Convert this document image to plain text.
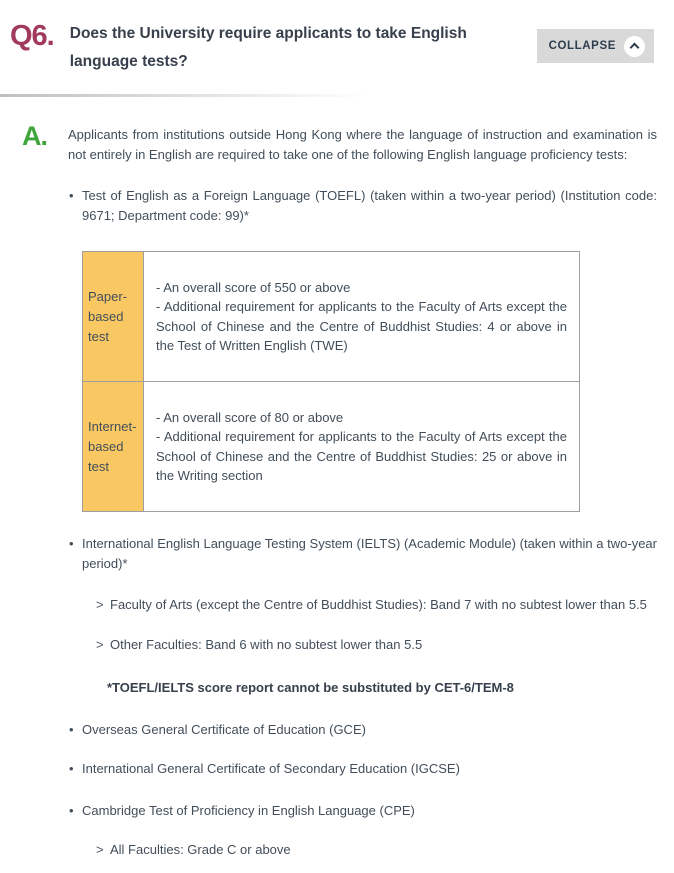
Q6. Does the University require applicants to take English language tests?
COLLAPSE
A.	Applicants from institutions outside Hong Kong where the language of instruction and examination is not entirely in English are required to take one of the following English language proficiency tests:

• Test of English as a Foreign Language (TOEFL) (taken within a two-year period) (Institution code: 9671; Department code: 99)*
Paper-based test	- An overall score of 550 or above
- Additional requirement for applicants to the Faculty of Arts except the School of Chinese and the Centre of Buddhist Studies: 4 or above in the Test of Written English (TWE)

Internet-based test	- An overall score of 80 or above
- Additional requirement for applicants to the Faculty of Arts except the School of Chinese and the Centre of Buddhist Studies: 25 or above in the Writing section
• International English Language Testing System (IELTS) (Academic Module) (taken within a two-year period)*
> Faculty of Arts (except the Centre of Buddhist Studies): Band 7 with no subtest lower than 5.5
> Other Faculties: Band 6 with no subtest lower than 5.5
*TOEFL/IELTS score report cannot be substituted by CET-6/TEM-8
• Overseas General Certificate of Education (GCE)
• International General Certificate of Secondary Education (IGCSE)
• Cambridge Test of Proficiency in English Language (CPE)
> All Faculties: Grade C or above
